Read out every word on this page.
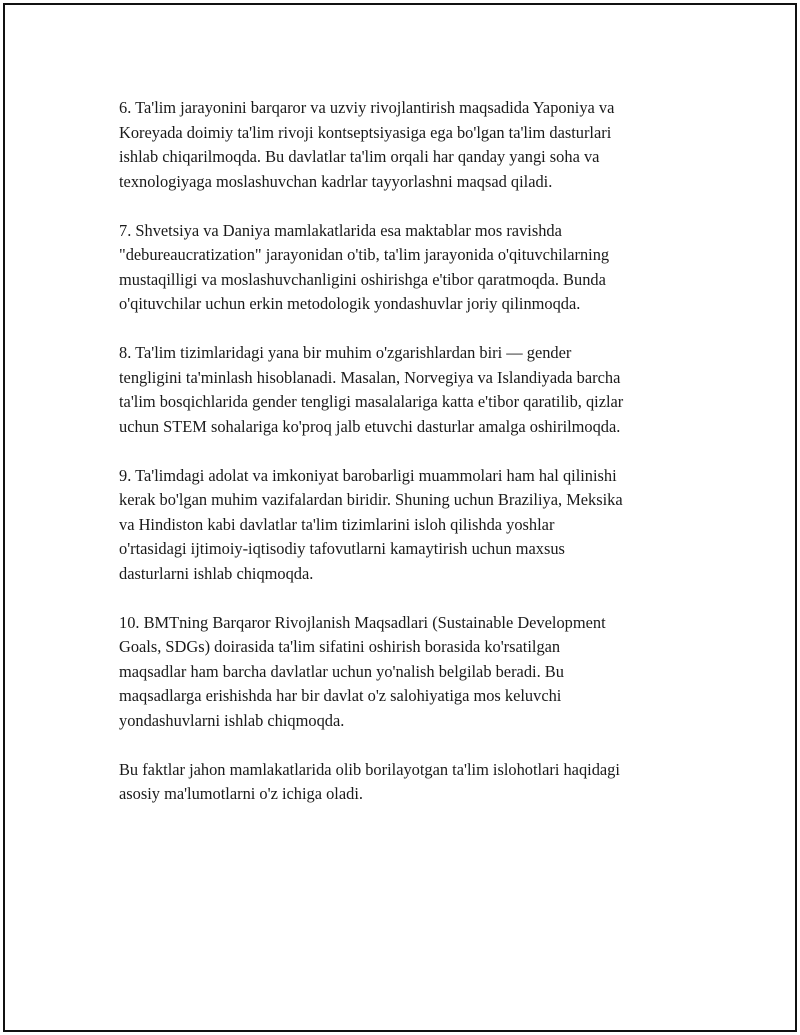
6. Ta'lim jarayonini barqaror va uzviy rivojlantirish maqsadida Yaponiya va
Koreyada doimiy ta'lim rivoji kontseptsiyasiga ega bo'lgan ta'lim dasturlari
ishlab chiqarilmoqda. Bu davlatlar ta'lim orqali har qanday yangi soha va
texnologiyaga moslashuvchan kadrlar tayyorlashni maqsad qiladi.

7. Shvetsiya va Daniya mamlakatlarida esa maktablar mos ravishda
"debureaucratization" jarayonidan o'tib, ta'lim jarayonida o'qituvchilarning
mustaqilligi va moslashuvchanligini oshirishga e'tibor qaratmoqda. Bunda
o'qituvchilar uchun erkin metodologik yondashuvlar joriy qilinmoqda.

8. Ta'lim tizimlaridagi yana bir muhim o'zgarishlardan biri — gender
tengligini ta'minlash hisoblanadi. Masalan, Norvegiya va Islandiyada barcha
ta'lim bosqichlarida gender tengligi masalalariga katta e'tibor qaratilib, qizlar
uchun STEM sohalariga ko'proq jalb etuvchi dasturlar amalga oshirilmoqda.

9. Ta'limdagi adolat va imkoniyat barobarligi muammolari ham hal qilinishi
kerak bo'lgan muhim vazifalardan biridir. Shuning uchun Braziliya, Meksika
va Hindiston kabi davlatlar ta'lim tizimlarini isloh qilishda yoshlar
o'rtasidagi ijtimoiy-iqtisodiy tafovutlarni kamaytirish uchun maxsus
dasturlarni ishlab chiqmoqda.

10. BMTning Barqaror Rivojlanish Maqsadlari (Sustainable Development
Goals, SDGs) doirasida ta'lim sifatini oshirish borasida ko'rsatilgan
maqsadlar ham barcha davlatlar uchun yo'nalish belgilab beradi. Bu
maqsadlarga erishishda har bir davlat o'z salohiyatiga mos keluvchi
yondashuvlarni ishlab chiqmoqda.

Bu faktlar jahon mamlakatlarida olib borilayotgan ta'lim islohotlari haqidagi
asosiy ma'lumotlarni o'z ichiga oladi.
